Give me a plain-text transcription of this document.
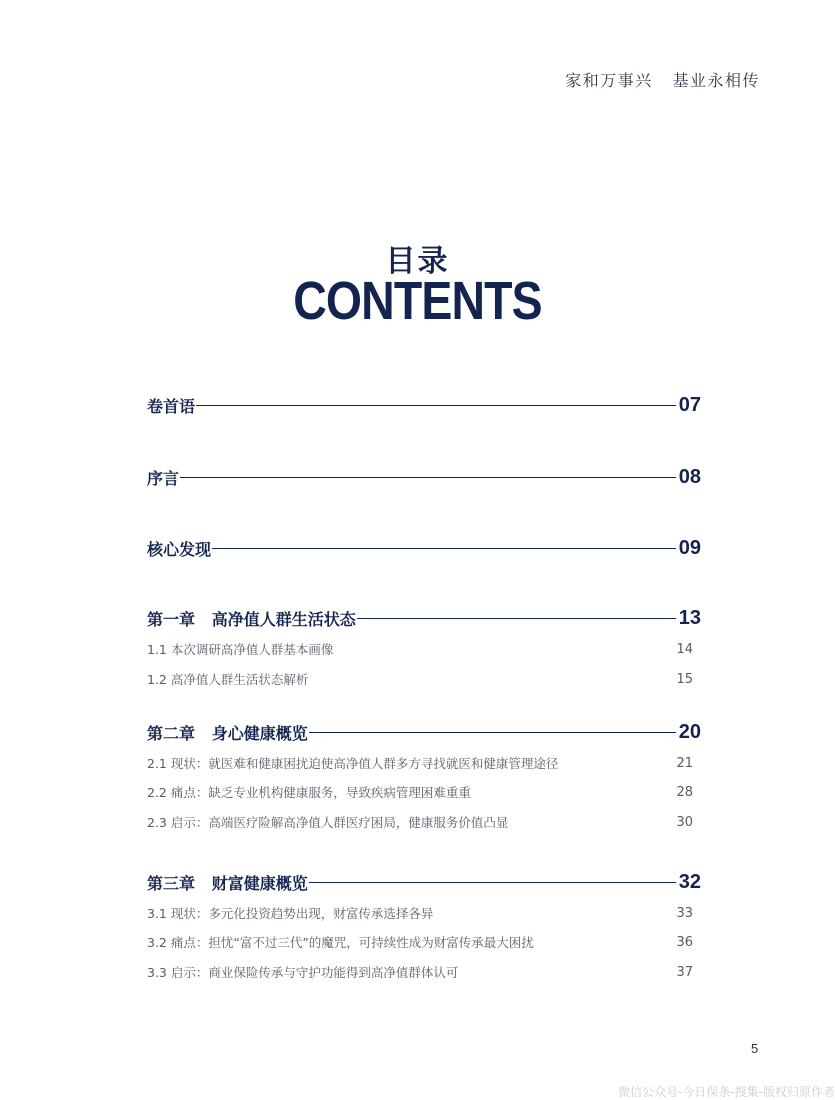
家和万事兴   基业永相传
目录
CONTENTS
卷首语	07
序言	08
核心发现	09
第一章   高净值人群生活状态	13
1.1 本次调研高净值人群基本画像	14
1.2 高净值人群生活状态解析	15
第二章   身心健康概览	20
2.1 现状：就医难和健康困扰迫使高净值人群多方寻找就医和健康管理途径	21
2.2 痛点：缺乏专业机构健康服务，导致疾病管理困难重重	28
2.3 启示：高端医疗险解高净值人群医疗困局，健康服务价值凸显	30
第三章   财富健康概览	32
3.1 现状：多元化投资趋势出现，财富传承选择各异	33
3.2 痛点：担忧“富不过三代”的魔咒，可持续性成为财富传承最大困扰	36
3.3 启示：商业保险传承与守护功能得到高净值群体认可	37
5
微信公众号-今日保条-搜集-版权归原作者
